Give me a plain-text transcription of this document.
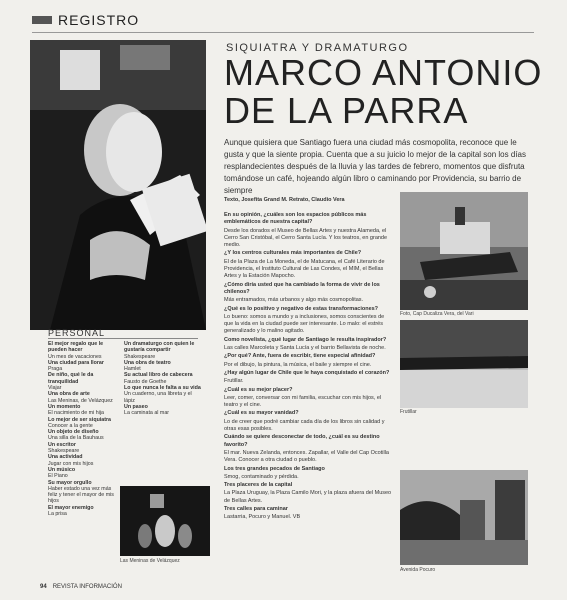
REGISTRO
SIQUIATRA Y DRAMATURGO
MARCO ANTONIO
DE LA PARRA
Aunque quisiera que Santiago fuera una ciudad más cosmopolita, reconoce que le gusta y que la siente propia. Cuenta que a su juicio lo mejor de la capital son los días resplandecientes después de la lluvia y las tardes de febrero, momentos que disfruta tomándose un café, hojeando algún libro o caminando por Providencia, su barrio de siempre
Texto, Josefita Grand M. Retrato, Claudio Vera

En su opinión, ¿cuáles son los espacios públicos más emblemáticos de nuestra capital?

Desde los dorados el Museo de Bellas Artes y nuestra Alameda, el Cerro San Cristóbal, el Cerro Santa Lucía. Y los teatros, en grande medio.

¿Y los centros culturales más importantes de Chile?

El de la Plaza de La Moneda, el de Matucana, el Café Literario de Providencia, el Instituto Cultural de Las Condes, el MIM, el Bellas Artes y la Estación Mapocho.

¿Cómo diría usted que ha cambiado la forma de vivir de los chilenos?

Más entramados, más urbanos y algo más cosmopolitas.

¿Qué es lo positivo y negativo de estas transformaciones?

Lo bueno: somos a mundo y a inclusiones, somos conscientes de que la vida en la ciudad puede ser interesante. Lo malo: el estrés generalizado y lo malino agitado.

Como novelista, ¿qué lugar de Santiago le resulta inspirador?

Las calles Marcoleta y Santa Lucía y el barrio Bellavista de noche.

¿Por qué? Ante, fuera de escribir, tiene especial afinidad?

Por el dibujo, la pintura, la música, el baile y siempre el cine.

¿Hay algún lugar de Chile que le haya conquistado el corazón?

Frutillar.

¿Cuál es su mejor placer?

Leer, comer, conversar con mi familia, escuchar con mis hijos, el teatro y el cine.

¿Cuál es su mayor vanidad?

Lo de creer que podré cambiar cada día de los libros sin calidad y otras esas posibles.

Cuándo se quiere desconectar de todo, ¿cuál es su destino favorito?

El mar. Nueva Zelanda, entonces. Zapallar, el Valle del Cap Ocotilla Vera. Conocer a otra ciudad o pueblo.

Los tres grandes pecados de Santiago

Smog, contaminado y pérdida.

Tres placeres de la capital

La Plaza Uruguay, la Plaza Camilo Mori, y la plaza afuera del Museo de Bellas Artes.

Tres calles para caminar

Lastarria, Pocuro y Manuel. VB

Foto, Cap Ducaliza Vera, del Vari
Frutillar
Avenida Pocuro
PERSONAL

El mejor regalo que le pueden hacer

Un mes de vacaciones

Una ciudad para llorar

Praga

De niño, qué le da tranquilidad

Viajar

Una obra de arte

Las Meninas, de Velázquez

Un momento

El nacimiento de mi hija

Lo mejor de ser siquiatra

Conocer a la gente

Un objeto de diseño

Una silla de la Bauhaus

Un escritor

Shakespeare

Una actividad

Jugar con mis hijos

Un músico

El Piano

Su mayor orgullo

Haber estado una vez más feliz y tener el mayor de mis hijos

El mayor enemigo

La prisa

Un dramaturgo con quien le gustaría compartir

Shakespeare

Una obra de teatro

Hamlet

Su actual libro de cabecera

Fausto de Goethe

Lo que nunca le falta a su vida

Un cuaderno, una libreta y el lápiz

Un paseo

La caminata al mar

Las Meninas de Velázquez
94 REVISTA INFORMACIÓN
